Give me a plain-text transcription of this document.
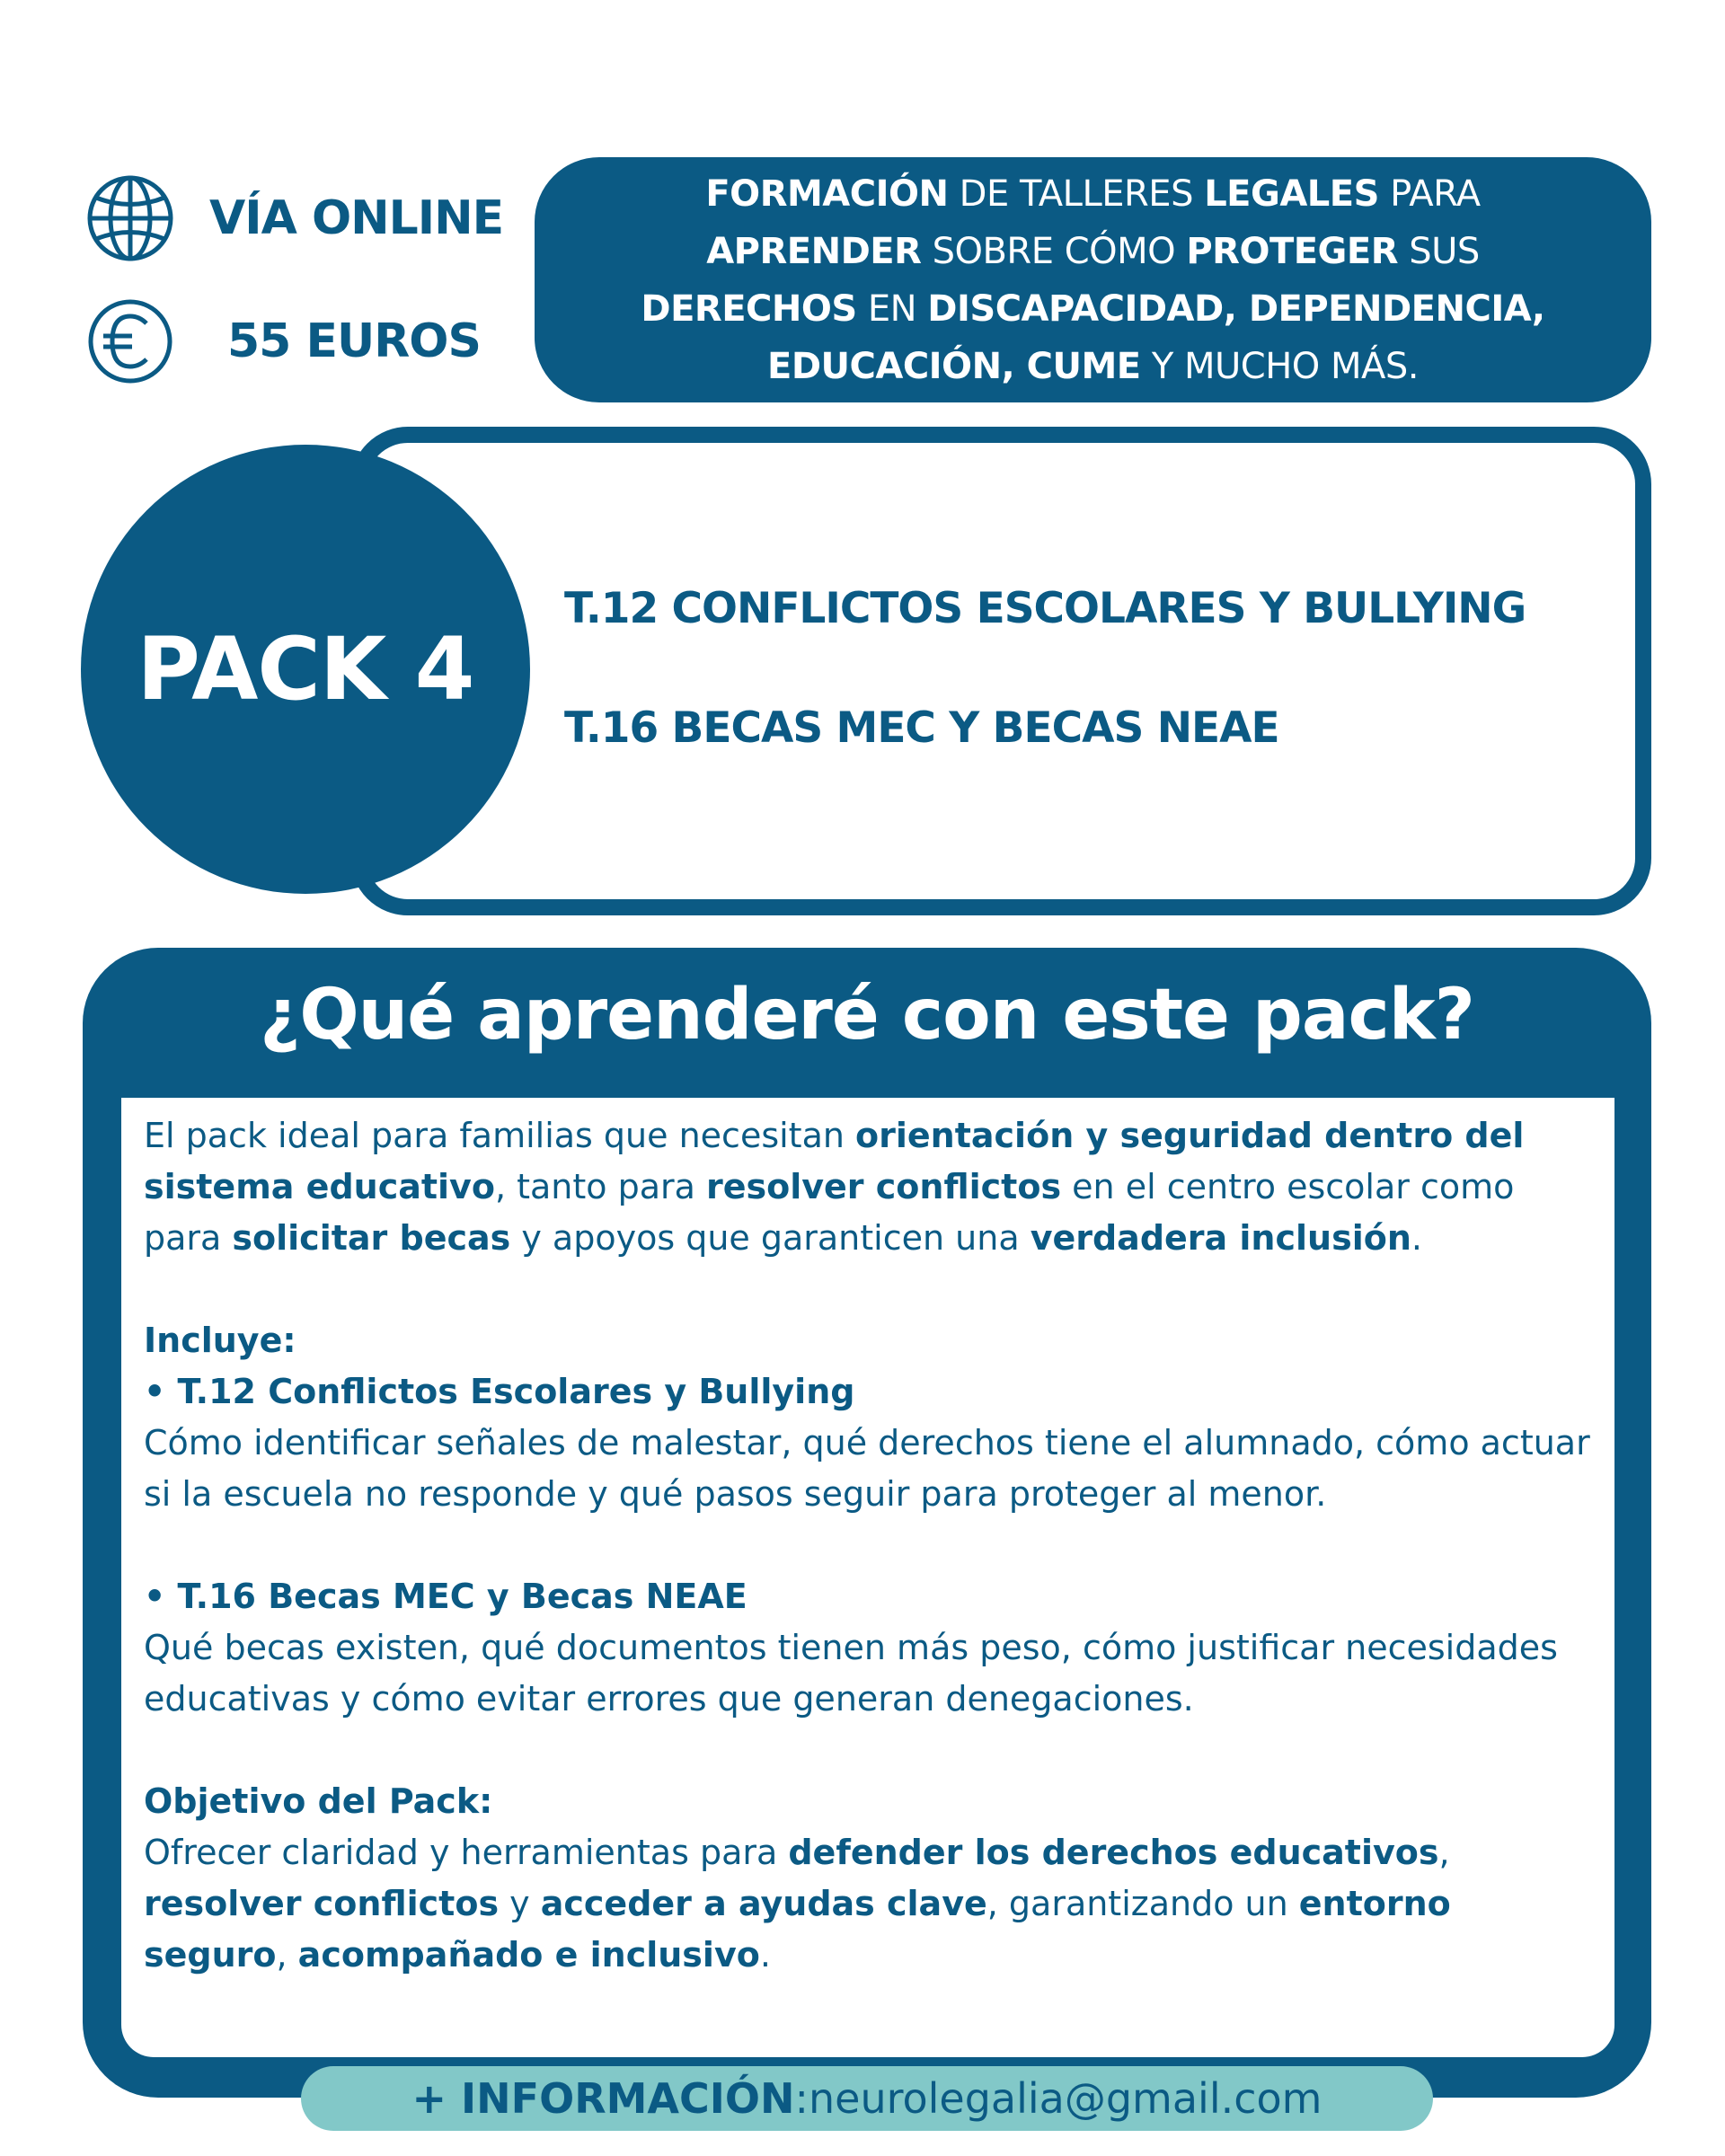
VÍA ONLINE
55 EUROS

FORMACIÓN DE TALLERES LEGALES PARA

APRENDER SOBRE CÓMO PROTEGER SUS

DERECHOS EN DISCAPACIDAD, DEPENDENCIA,

EDUCACIÓN, CUME Y MUCHO MÁS.

PACK 4
T.12 CONFLICTOS ESCOLARES Y BULLYING
T.16 BECAS MEC Y BECAS NEAE
¿Qué aprenderé con este pack?

El pack ideal para familias que necesitan orientación y seguridad dentro del sistema educativo, tanto para resolver conflictos en el centro escolar como para solicitar becas y apoyos que garanticen una verdadera inclusión.

Incluye:

• T.12 Conflictos Escolares y Bullying

Cómo identificar señales de malestar, qué derechos tiene el alumnado, cómo actuar si la escuela no responde y qué pasos seguir para proteger al menor.

• T.16 Becas MEC y Becas NEAE

Qué becas existen, qué documentos tienen más peso, cómo justificar necesidades educativas y cómo evitar errores que generan denegaciones.

Objetivo del Pack:

Ofrecer claridad y herramientas para defender los derechos educativos, resolver conflictos y acceder a ayudas clave, garantizando un entorno seguro, acompañado e inclusivo.

+ INFORMACIÓN : neurolegalia@gmail.com
